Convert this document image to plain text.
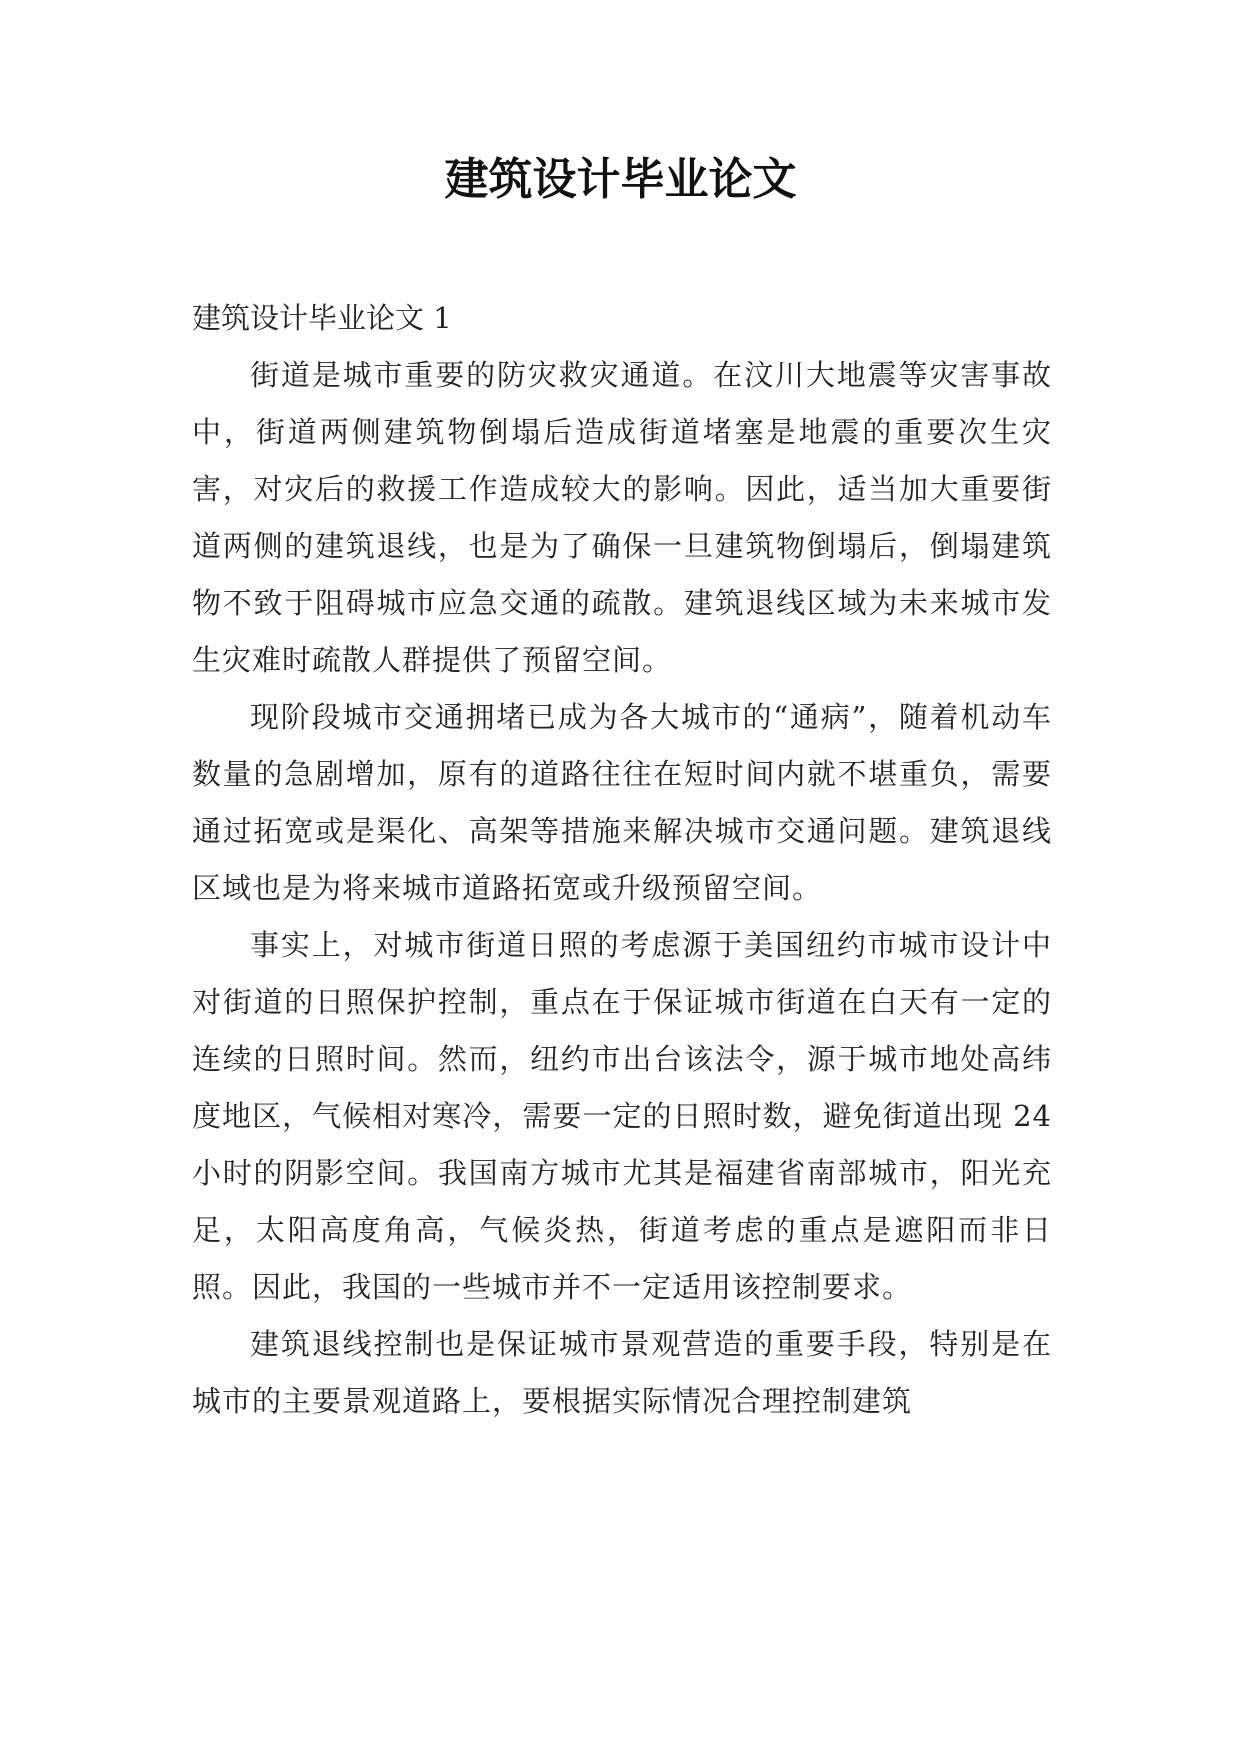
建筑设计毕业论文

建筑设计毕业论文 1

街道是城市重要的防灾救灾通道。在汶川大地震等灾害事故中，街道两侧建筑物倒塌后造成街道堵塞是地震的重要次生灾害，对灾后的救援工作造成较大的影响。因此，适当加大重要街道两侧的建筑退线，也是为了确保一旦建筑物倒塌后，倒塌建筑物不致于阻碍城市应急交通的疏散。建筑退线区域为未来城市发生灾难时疏散人群提供了预留空间。

现阶段城市交通拥堵已成为各大城市的“通病”，随着机动车数量的急剧增加，原有的道路往往在短时间内就不堪重负，需要通过拓宽或是渠化、高架等措施来解决城市交通问题。建筑退线区域也是为将来城市道路拓宽或升级预留空间。

事实上，对城市街道日照的考虑源于美国纽约市城市设计中对街道的日照保护控制，重点在于保证城市街道在白天有一定的连续的日照时间。然而，纽约市出台该法令，源于城市地处高纬度地区，气候相对寒冷，需要一定的日照时数，避免街道出现 24 小时的阴影空间。我国南方城市尤其是福建省南部城市，阳光充足，太阳高度角高，气候炎热，街道考虑的重点是遮阳而非日照。因此，我国的一些城市并不一定适用该控制要求。

建筑退线控制也是保证城市景观营造的重要手段，特别是在城市的主要景观道路上，要根据实际情况合理控制建筑
